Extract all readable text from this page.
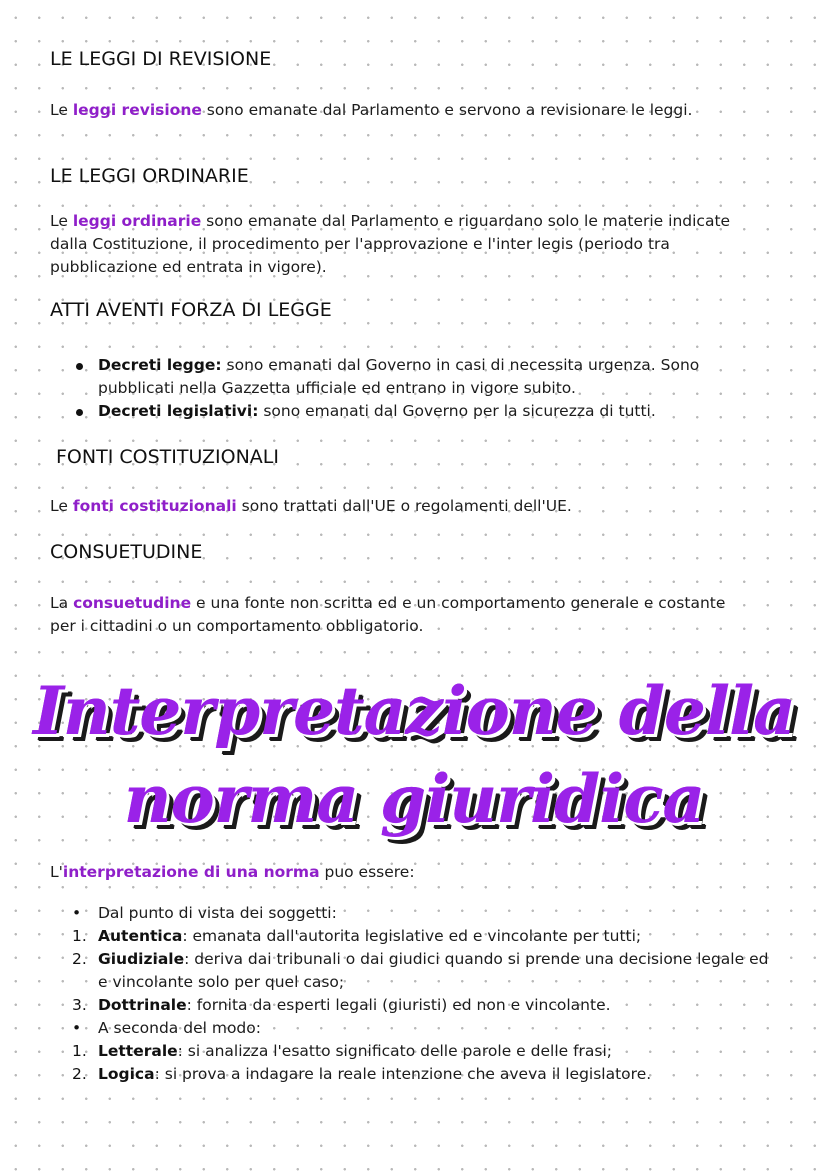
LE LEGGI DI REVISIONE

Le leggi revisione sono emanate dal Parlamento e servono a revisionare le leggi.

LE LEGGI ORDINARIE

Le leggi ordinarie sono emanate dal Parlamento e riguardano solo le materie indicate dalla Costituzione, il procedimento per l'approvazione e l'inter legis (periodo tra pubblicazione ed entrata in vigore).

ATTI AVENTI FORZA DI LEGGE
Decreti legge: sono emanati dal Governo in casi di necessita urgenza. Sono pubblicati nella Gazzetta ufficiale ed entrano in vigore subito.
Decreti legislativi: sono emanati dal Governo per la sicurezza di tutti.
FONTI COSTITUZIONALI

Le fonti costituzionali sono trattati dall'UE o regolamenti dell'UE.

CONSUETUDINE

La consuetudine e una fonte non scritta ed e un comportamento generale e costante per i cittadini o un comportamento obbligatorio.

Interpretazione della
norma giuridica

L'interpretazione di una norma puo essere:

•	Dal punto di vista dei soggetti:
1. Autentica: emanata dall'autorita legislative ed e vincolante per tutti;
2. Giudiziale: deriva dai tribunali o dai giudici quando si prende una decisione legale ed e vincolante solo per quel caso;
3. Dottrinale: fornita da esperti legali (giuristi) ed non e vincolante.
•	A seconda del modo:
1. Letterale: si analizza l'esatto significato delle parole e delle frasi;
2. Logica: si prova a indagare la reale intenzione che aveva il legislatore.
